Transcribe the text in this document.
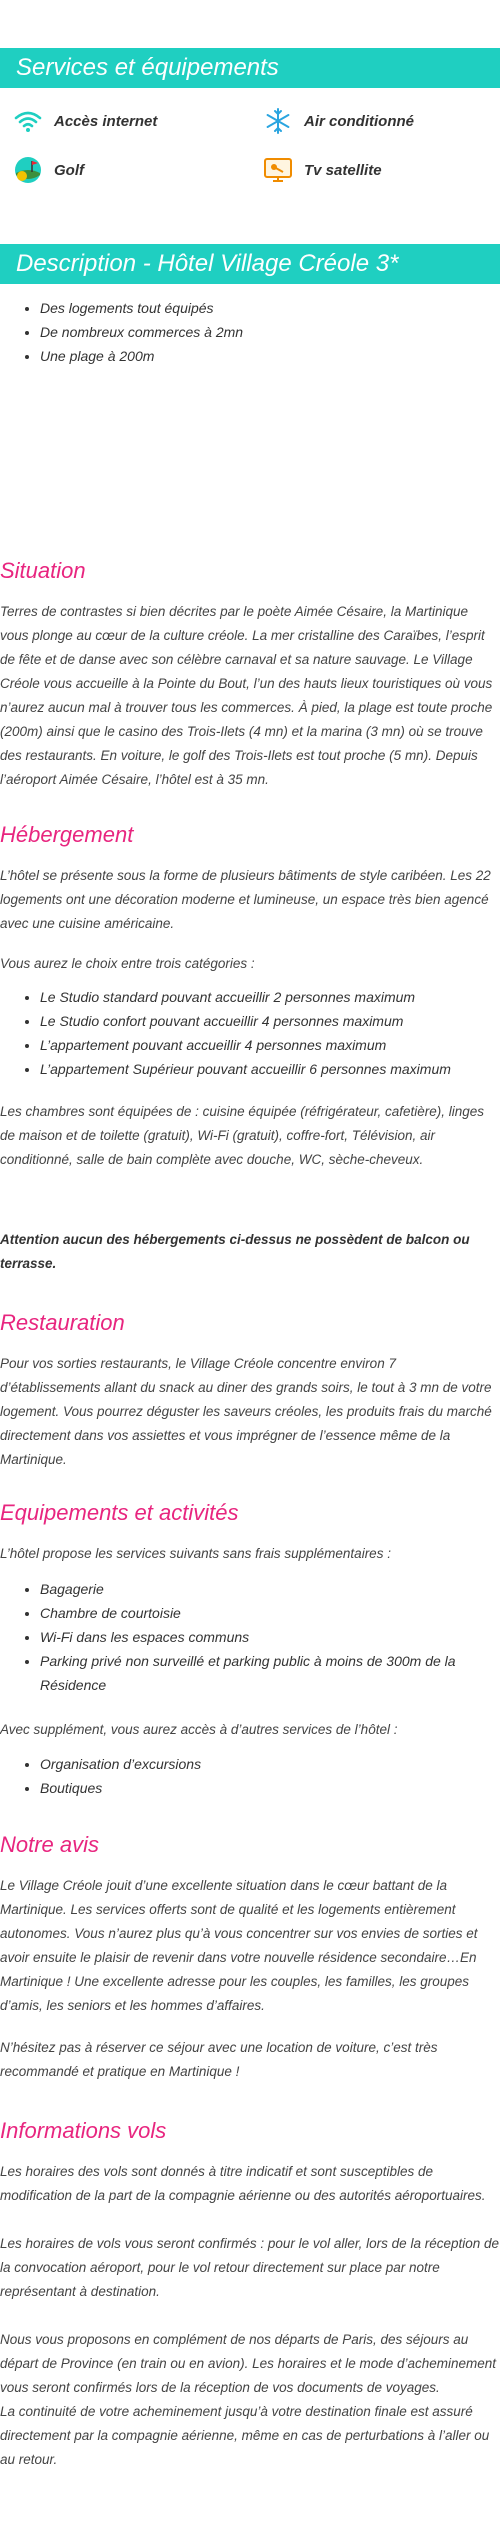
Services et équipements
Accès internet	Air conditionné
Golf	Tv satellite
Description - Hôtel Village Créole 3*
• Des logements tout équipés
• De nombreux commerces à 2mn
• Une plage à 200m
Situation
Terres de contrastes si bien décrites par le poète Aimée Césaire, la Martinique vous plonge au cœur de la culture créole. La mer cristalline des Caraïbes, l’esprit de fête et de danse avec son célèbre carnaval et sa nature sauvage. Le Village Créole vous accueille à la Pointe du Bout, l’un des hauts lieux touristiques où vous n’aurez aucun mal à trouver tous les commerces. À pied, la plage est toute proche (200m) ainsi que le casino des Trois-Ilets (4 mn) et la marina (3 mn) où se trouve des restaurants. En voiture, le golf des Trois-Ilets est tout proche (5 mn). Depuis l’aéroport Aimée Césaire, l’hôtel est à 35 mn.
Hébergement
L’hôtel se présente sous la forme de plusieurs bâtiments de style caribéen. Les 22 logements ont une décoration moderne et lumineuse, un espace très bien agencé avec une cuisine américaine.
Vous aurez le choix entre trois catégories :
• Le Studio standard pouvant accueillir 2 personnes maximum
• Le Studio confort pouvant accueillir 4 personnes maximum
• L’appartement pouvant accueillir 4 personnes maximum
• L’appartement Supérieur pouvant accueillir 6 personnes maximum
Les chambres sont équipées de : cuisine équipée (réfrigérateur, cafetière), linges de maison et de toilette (gratuit), Wi-Fi (gratuit), coffre-fort, Télévision, air conditionné, salle de bain complète avec douche, WC, sèche-cheveux.
Attention aucun des hébergements ci-dessus ne possèdent de balcon ou terrasse.
Restauration
Pour vos sorties restaurants, le Village Créole concentre environ 7 d’établissements allant du snack au diner des grands soirs, le tout à 3 mn de votre logement. Vous pourrez déguster les saveurs créoles, les produits frais du marché directement dans vos assiettes et vous imprégner de l’essence même de la Martinique.
Equipements et activités
L’hôtel propose les services suivants sans frais supplémentaires :
• Bagagerie
• Chambre de courtoisie
• Wi-Fi dans les espaces communs
• Parking privé non surveillé et parking public à moins de 300m de la Résidence
Avec supplément, vous aurez accès à d’autres services de l’hôtel :
• Organisation d’excursions
• Boutiques
Notre avis
Le Village Créole jouit d’une excellente situation dans le cœur battant de la Martinique. Les services offerts sont de qualité et les logements entièrement autonomes. Vous n’aurez plus qu’à vous concentrer sur vos envies de sorties et avoir ensuite le plaisir de revenir dans votre nouvelle résidence secondaire…En Martinique ! Une excellente adresse pour les couples, les familles, les groupes d’amis, les seniors et les hommes d’affaires.
N’hésitez pas à réserver ce séjour avec une location de voiture, c’est très recommandé et pratique en Martinique !
Informations vols
Les horaires des vols sont donnés à titre indicatif et sont susceptibles de modification de la part de la compagnie aérienne ou des autorités aéroportuaires.
Les horaires de vols vous seront confirmés : pour le vol aller, lors de la réception de la convocation aéroport, pour le vol retour directement sur place par notre représentant à destination.
Nous vous proposons en complément de nos départs de Paris, des séjours au départ de Province (en train ou en avion). Les horaires et le mode d’acheminement vous seront confirmés lors de la réception de vos documents de voyages.
La continuité de votre acheminement jusqu’à votre destination finale est assuré directement par la compagnie aérienne, même en cas de perturbations à l’aller ou au retour.
